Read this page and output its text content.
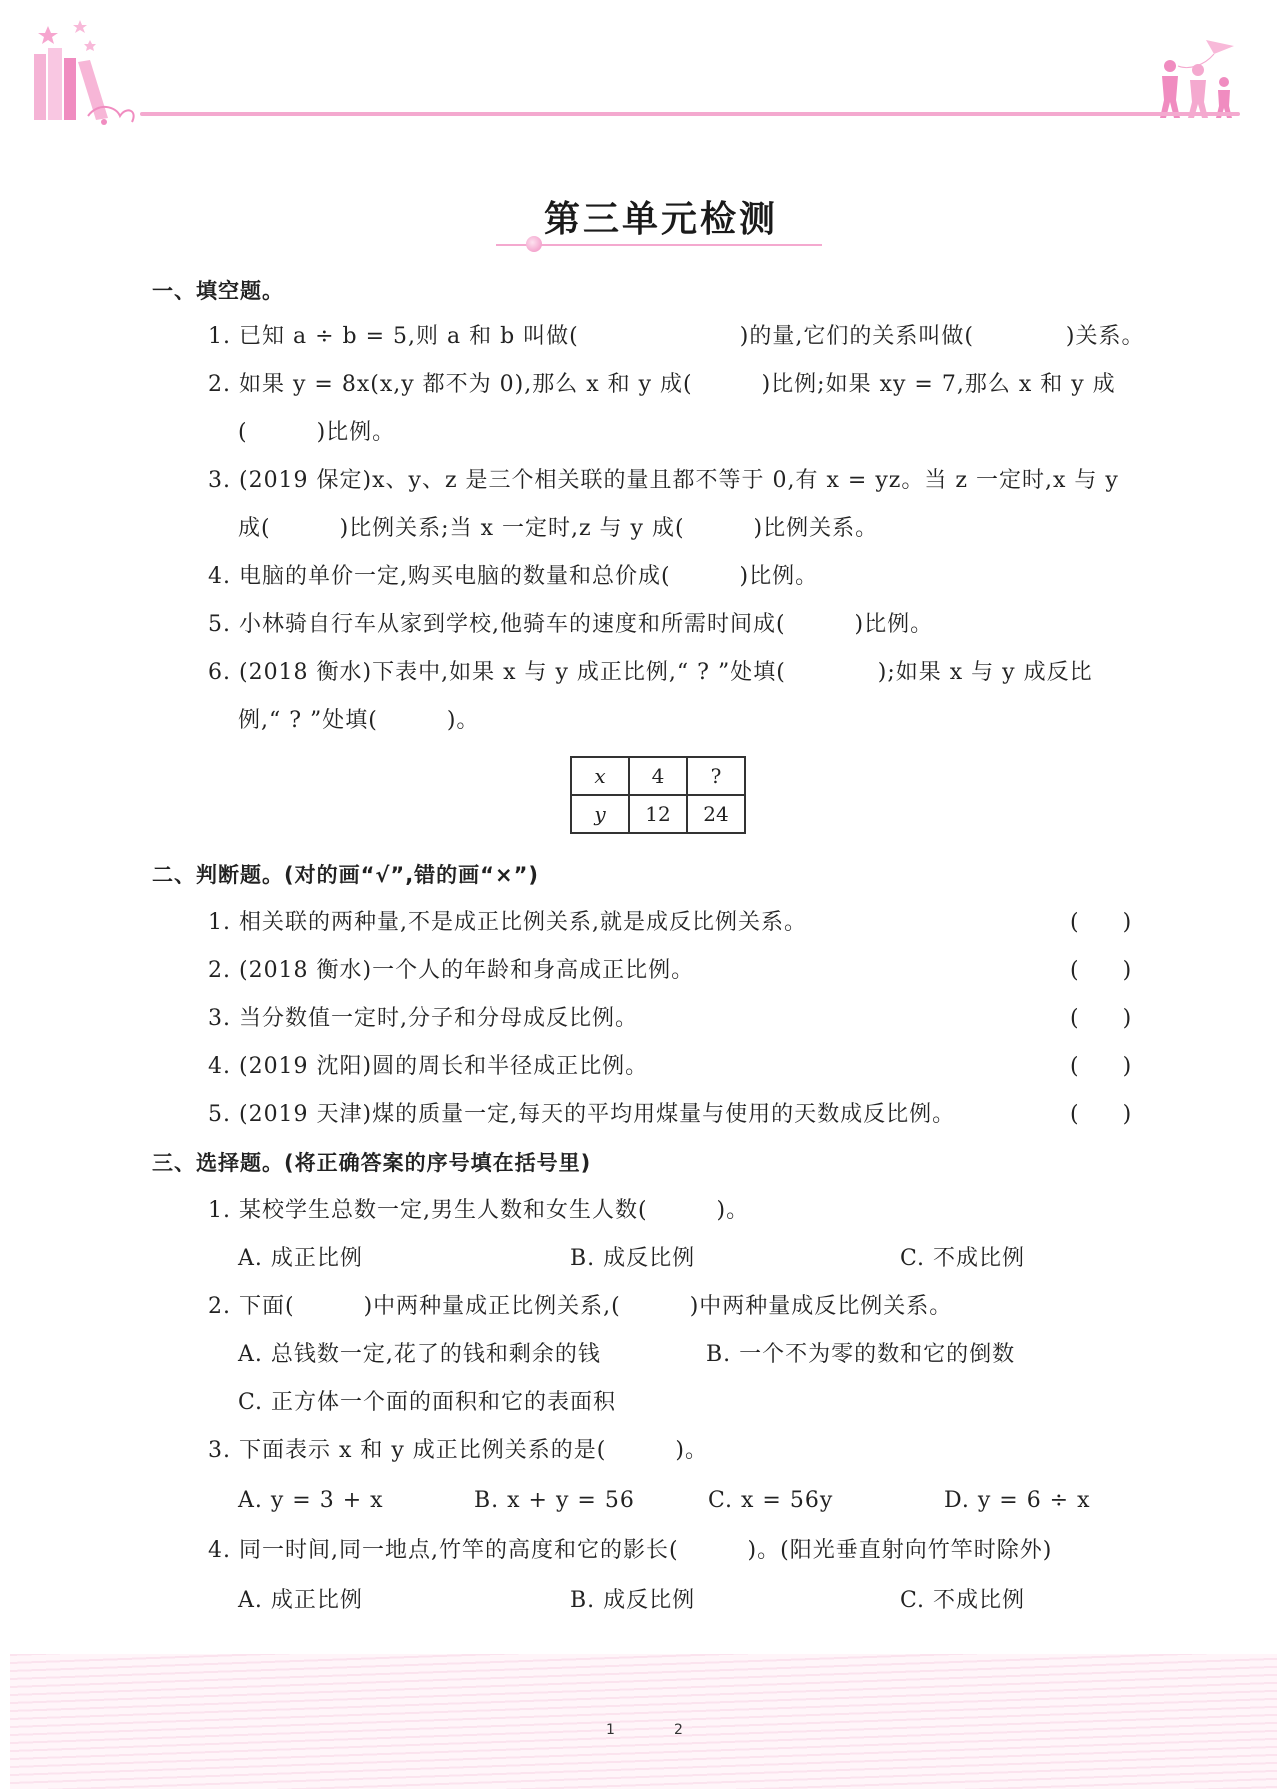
第三单元检测
一、填空题。
1. 已知 a ÷ b = 5,则 a 和 b 叫做(　　　　　　　)的量,它们的关系叫做(　　　　)关系。
2. 如果 y = 8x(x,y 都不为 0),那么 x 和 y 成(　　　)比例;如果 xy = 7,那么 x 和 y 成
(　　　)比例。
3. (2019 保定)x、y、z 是三个相关联的量且都不等于 0,有 x = yz。当 z 一定时,x 与 y
成(　　　)比例关系;当 x 一定时,z 与 y 成(　　　)比例关系。
4. 电脑的单价一定,购买电脑的数量和总价成(　　　)比例。
5. 小林骑自行车从家到学校,他骑车的速度和所需时间成(　　　)比例。
6. (2018 衡水)下表中,如果 x 与 y 成正比例,“ ? ”处填(　　　　);如果 x 与 y 成反比
例,“ ? ”处填(　　　)。
x	4	?
y	12	24
二、判断题。(对的画“√”,错的画“×”)
1. 相关联的两种量,不是成正比例关系,就是成反比例关系。	(　　)
2. (2018 衡水)一个人的年龄和身高成正比例。	(　　)
3. 当分数值一定时,分子和分母成反比例。	(　　)
4. (2019 沈阳)圆的周长和半径成正比例。	(　　)
5. (2019 天津)煤的质量一定,每天的平均用煤量与使用的天数成反比例。	(　　)
三、选择题。(将正确答案的序号填在括号里)
1. 某校学生总数一定,男生人数和女生人数(　　　)。
A. 成正比例	B. 成反比例	C. 不成比例
2. 下面(　　　)中两种量成正比例关系,(　　　)中两种量成反比例关系。
A. 总钱数一定,花了的钱和剩余的钱	B. 一个不为零的数和它的倒数
C. 正方体一个面的面积和它的表面积
3. 下面表示 x 和 y 成正比例关系的是(　　　)。
A. y = 3 + x	B. x + y = 56	C. x = 56y	D. y = 6 ÷ x
4. 同一时间,同一地点,竹竿的高度和它的影长(　　　)。(阳光垂直射向竹竿时除外)
A. 成正比例	B. 成反比例	C. 不成比例
1	2
